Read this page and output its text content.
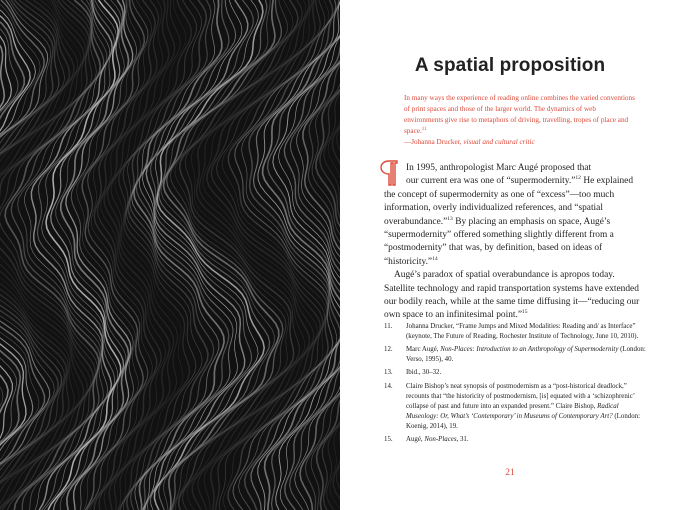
A spatial proposition
In many ways the experience of reading online combines the varied conventions of print spaces and those of the larger world. The dynamics of web environments give rise to metaphors of driving, travelling, tropes of place and space.$^{11}$
—Johanna Drucker, visual and cultural critic

In 1995, anthropologist Marc Augé proposed that
our current era was one of “supermodernity.”$^{12}$ He explained the concept of supermodernity as one of “excess”—too much information, overly individualized references, and “spatial overabundance.”$^{13}$ By placing an emphasis on space, Augé’s “supermodernity” offered something slightly different from a “postmodernity” that was, by definition, based on ideas of “historicity.”$^{14}$

Augé’s paradox of spatial overabundance is apropos today. Satellite technology and rapid transportation systems have extended our bodily reach, while at the same time diffusing it—“reducing our own space to an infinitesimal point.”$^{15}$

11. Johanna Drucker, “Frame Jumps and Mixed Modalities: Reading and/ as Interface” (keynote, The Future of Reading, Rochester Institute of Technology, June 10, 2010).
12. Marc Augé, Non-Places: Introduction to an Anthropology of Supermodernity (London: Verso, 1995), 40.
13. Ibid., 30–32.
14. Claire Bishop’s neat synopsis of postmodernism as a “post-historical deadlock,” recounts that “the historicity of postmodernism, [is] equated with a ‘schizophrenic’ collapse of past and future into an expanded present.” Claire Bishop, Radical Museology: Or, What’s ‘Contemporary’ in Museums of Contemporary Art? (London: Koenig, 2014), 19.
15. Augé, Non-Places, 31.
21
